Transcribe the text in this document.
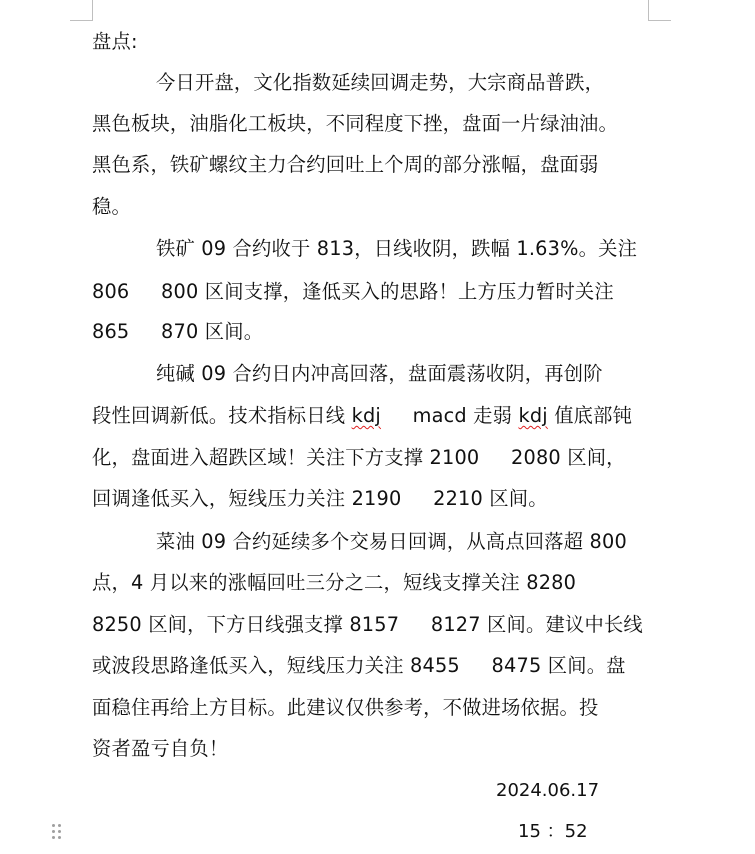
盘点:
今日开盘，文化指数延续回调走势，大宗商品普跌，
黑色板块，油脂化工板块，不同程度下挫，盘面一片绿油油。
黑色系，铁矿螺纹主力合约回吐上个周的部分涨幅，盘面弱
稳。
铁矿 09 合约收于 813，日线收阴，跌幅 1.63%。关注
806     800 区间支撑，逢低买入的思路！上方压力暂时关注
865     870 区间。
纯碱 09 合约日内冲高回落，盘面震荡收阴，再创阶
段性回调新低。技术指标日线 kdj     macd 走弱 kdj 值底部钝
化，盘面进入超跌区域！关注下方支撑 2100     2080 区间，
回调逢低买入，短线压力关注 2190     2210 区间。
菜油 09 合约延续多个交易日回调，从高点回落超 800
点，4 月以来的涨幅回吐三分之二，短线支撑关注 8280
8250 区间，下方日线强支撑 8157     8127 区间。建议中长线
或波段思路逢低买入，短线压力关注 8455     8475 区间。盘
面稳住再给上方目标。此建议仅供参考，不做进场依据。投
资者盈亏自负！
2024.06.17
15 ：52
